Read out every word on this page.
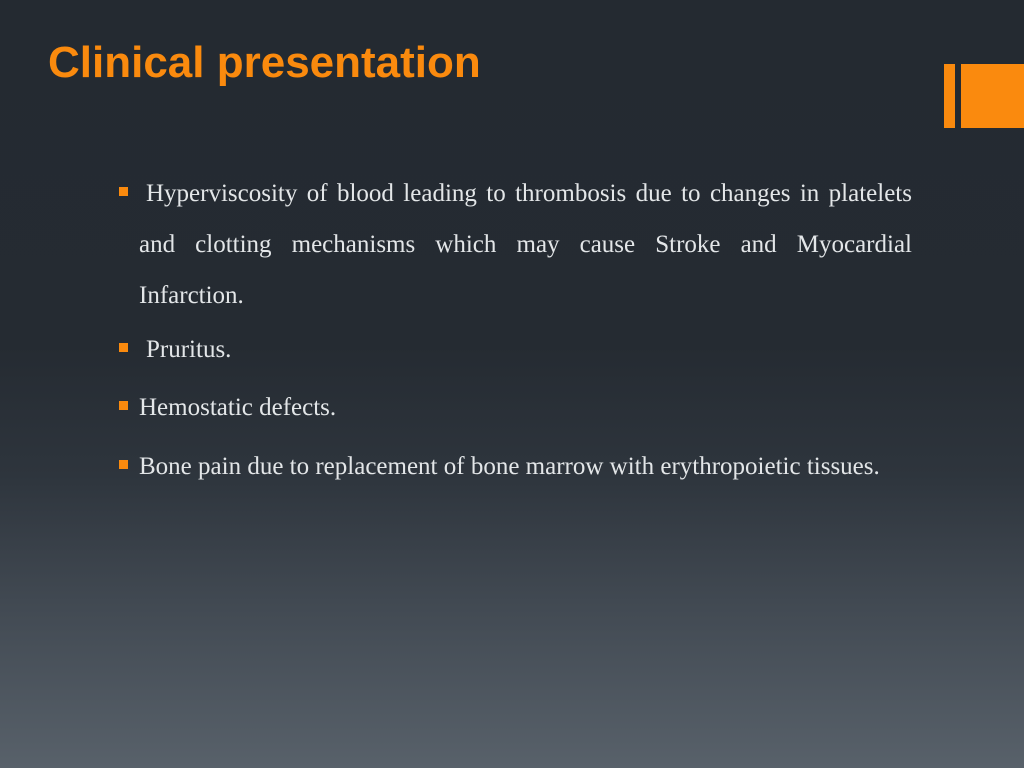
Clinical presentation
Hyperviscosity of blood leading to thrombosis due to changes in platelets and clotting mechanisms which may cause Stroke and Myocardial Infarction.
Pruritus.
Hemostatic defects.
Bone pain due to replacement of bone marrow with erythropoietic tissues.
